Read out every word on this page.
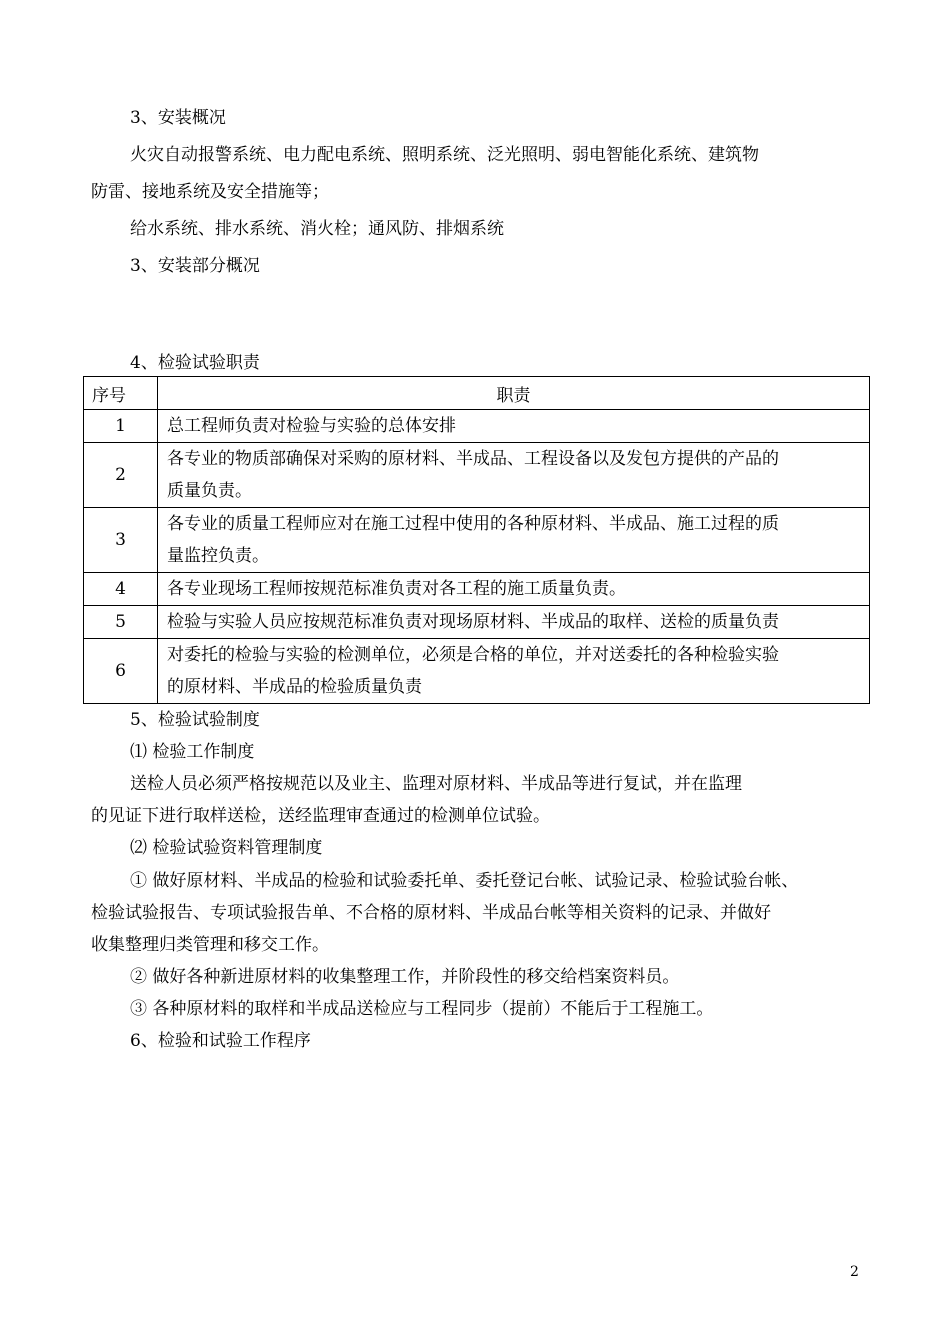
3、安装概况
火灾自动报警系统、电力配电系统、照明系统、泛光照明、弱电智能化系统、建筑物
防雷、接地系统及安全措施等；
给水系统、排水系统、消火栓；通风防、排烟系统
3、安装部分概况
4、检验试验职责
序号	职责
1	总工程师负责对检验与实验的总体安排
2	各专业的物质部确保对采购的原材料、半成品、工程设备以及发包方提供的产品的
质量负责。

3	各专业的质量工程师应对在施工过程中使用的各种原材料、半成品、施工过程的质
量监控负责。

4	各专业现场工程师按规范标准负责对各工程的施工质量负责。
5	检验与实验人员应按规范标准负责对现场原材料、半成品的取样、送检的质量负责
6	对委托的检验与实验的检测单位，必须是合格的单位，并对送委托的各种检验实验
的原材料、半成品的检验质量负责
5、检验试验制度
⑴ 检验工作制度
送检人员必须严格按规范以及业主、监理对原材料、半成品等进行复试，并在监理
的见证下进行取样送检，送经监理审查通过的检测单位试验。
⑵ 检验试验资料管理制度
① 做好原材料、半成品的检验和试验委托单、委托登记台帐、试验记录、检验试验台帐、
检验试验报告、专项试验报告单、不合格的原材料、半成品台帐等相关资料的记录、并做好
收集整理归类管理和移交工作。
② 做好各种新进原材料的收集整理工作，并阶段性的移交给档案资料员。
③ 各种原材料的取样和半成品送检应与工程同步（提前）不能后于工程施工。
6、检验和试验工作程序
2
